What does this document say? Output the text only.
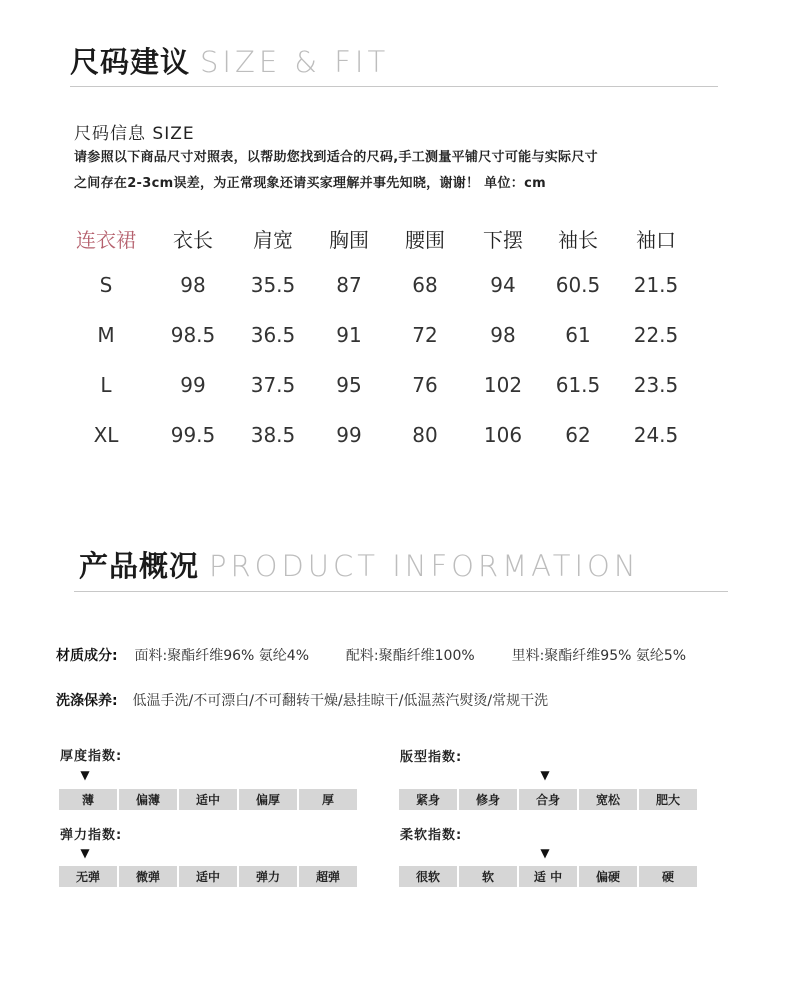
尺码建议 SIZE & FIT
尺码信息 SIZE
请参照以下商品尺寸对照表，以帮助您找到适合的尺码,手工测量平铺尺寸可能与实际尺寸
之间存在2-3cm误差，为正常现象还请买家理解并事先知晓，谢谢！ 单位：cm
连衣裙	衣长	肩宽	胸围	腰围	下摆	袖长	袖口
S	98	35.5	87	68	94	60.5	21.5
M	98.5	36.5	91	72	98	61	22.5
L	99	37.5	95	76	102	61.5	23.5
XL	99.5	38.5	99	80	106	62	24.5
产品概况 PRODUCT INFORMATION
材质成分: 面料:聚酯纤维96% 氨纶4%	配料:聚酯纤维100%	里料:聚酯纤维95% 氨纶5%
洗涤保养: 低温手洗/不可漂白/不可翻转干燥/悬挂晾干/低温蒸汽熨烫/常规干洗
厚度指数:
▼
薄	偏薄	适中	偏厚	厚
版型指数:
▼
紧身	修身	合身	宽松	肥大
弹力指数:
▼
无弹	微弹	适中	弹力	超弹
柔软指数:
▼
很软	软	适 中	偏硬	硬
